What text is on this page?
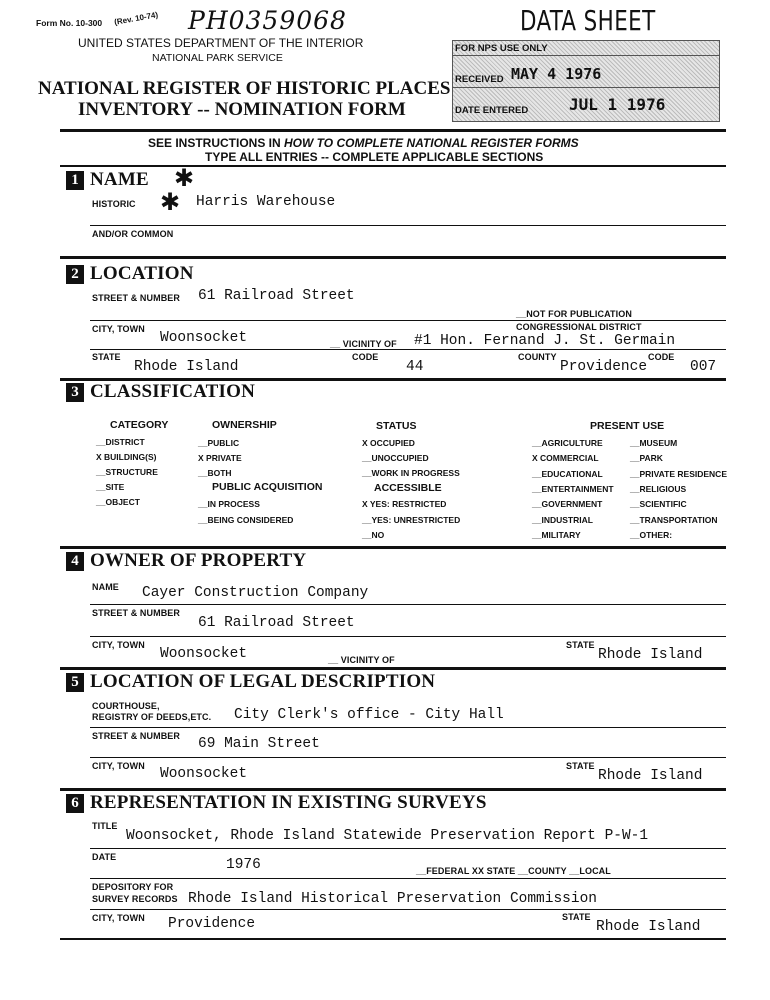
Form No. 10-300 (Rev. 10-74) PH0359068	DATA SHEET
UNITED STATES DEPARTMENT OF THE INTERIOR
NATIONAL PARK SERVICE
NATIONAL REGISTER OF HISTORIC PLACES
INVENTORY -- NOMINATION FORM
FOR NPS USE ONLY
RECEIVED MAY 4 1976
DATE ENTERED	JUL 1 1976
SEE INSTRUCTIONS IN HOW TO COMPLETE NATIONAL REGISTER FORMS
TYPE ALL ENTRIES -- COMPLETE APPLICABLE SECTIONS
1 NAME ✱
HISTORIC ✱ Harris Warehouse
AND/OR COMMON
2 LOCATION
STREET & NUMBER 61 Railroad Street
__NOT FOR PUBLICATION
CITY, TOWN	CONGRESSIONAL DISTRICT
Woonsocket	__ VICINITY OF #1 Hon. Fernand J. St. Germain
STATE
Rhode Island
CODE
44
COUNTY
Providence
CODE
007
3 CLASSIFICATION
CATEGORY
__DISTRICT
X BUILDING(S)
__STRUCTURE
__SITE
__OBJECT
OWNERSHIP
__PUBLIC
X PRIVATE
__BOTH
PUBLIC ACQUISITION
__IN PROCESS
__BEING CONSIDERED
STATUS
X OCCUPIED
__UNOCCUPIED
__WORK IN PROGRESS
ACCESSIBLE
X YES: RESTRICTED
__YES: UNRESTRICTED
__NO
PRESENT USE
__AGRICULTURE
X COMMERCIAL
__EDUCATIONAL
__ENTERTAINMENT
__GOVERNMENT
__INDUSTRIAL
__MILITARY
__MUSEUM
__PARK
__PRIVATE RESIDENCE
__RELIGIOUS
__SCIENTIFIC
__TRANSPORTATION
__OTHER:
4 OWNER OF PROPERTY
NAME Cayer Construction Company
STREET & NUMBER
61 Railroad Street
CITY, TOWN
Woonsocket	__ VICINITY OF
STATE
Rhode Island
5 LOCATION OF LEGAL DESCRIPTION
COURTHOUSE,
REGISTRY OF DEEDS,ETC. City Clerk's office - City Hall
STREET & NUMBER 69 Main Street
CITY, TOWN Woonsocket	STATE
Rhode Island
6 REPRESENTATION IN EXISTING SURVEYS
TITLE
Woonsocket, Rhode Island Statewide Preservation Report P-W-1
DATE	1976	__FEDERAL XX STATE __COUNTY __LOCAL
DEPOSITORY FOR
SURVEY RECORDS Rhode Island Historical Preservation Commission
CITY, TOWN Providence	STATE
Rhode Island
